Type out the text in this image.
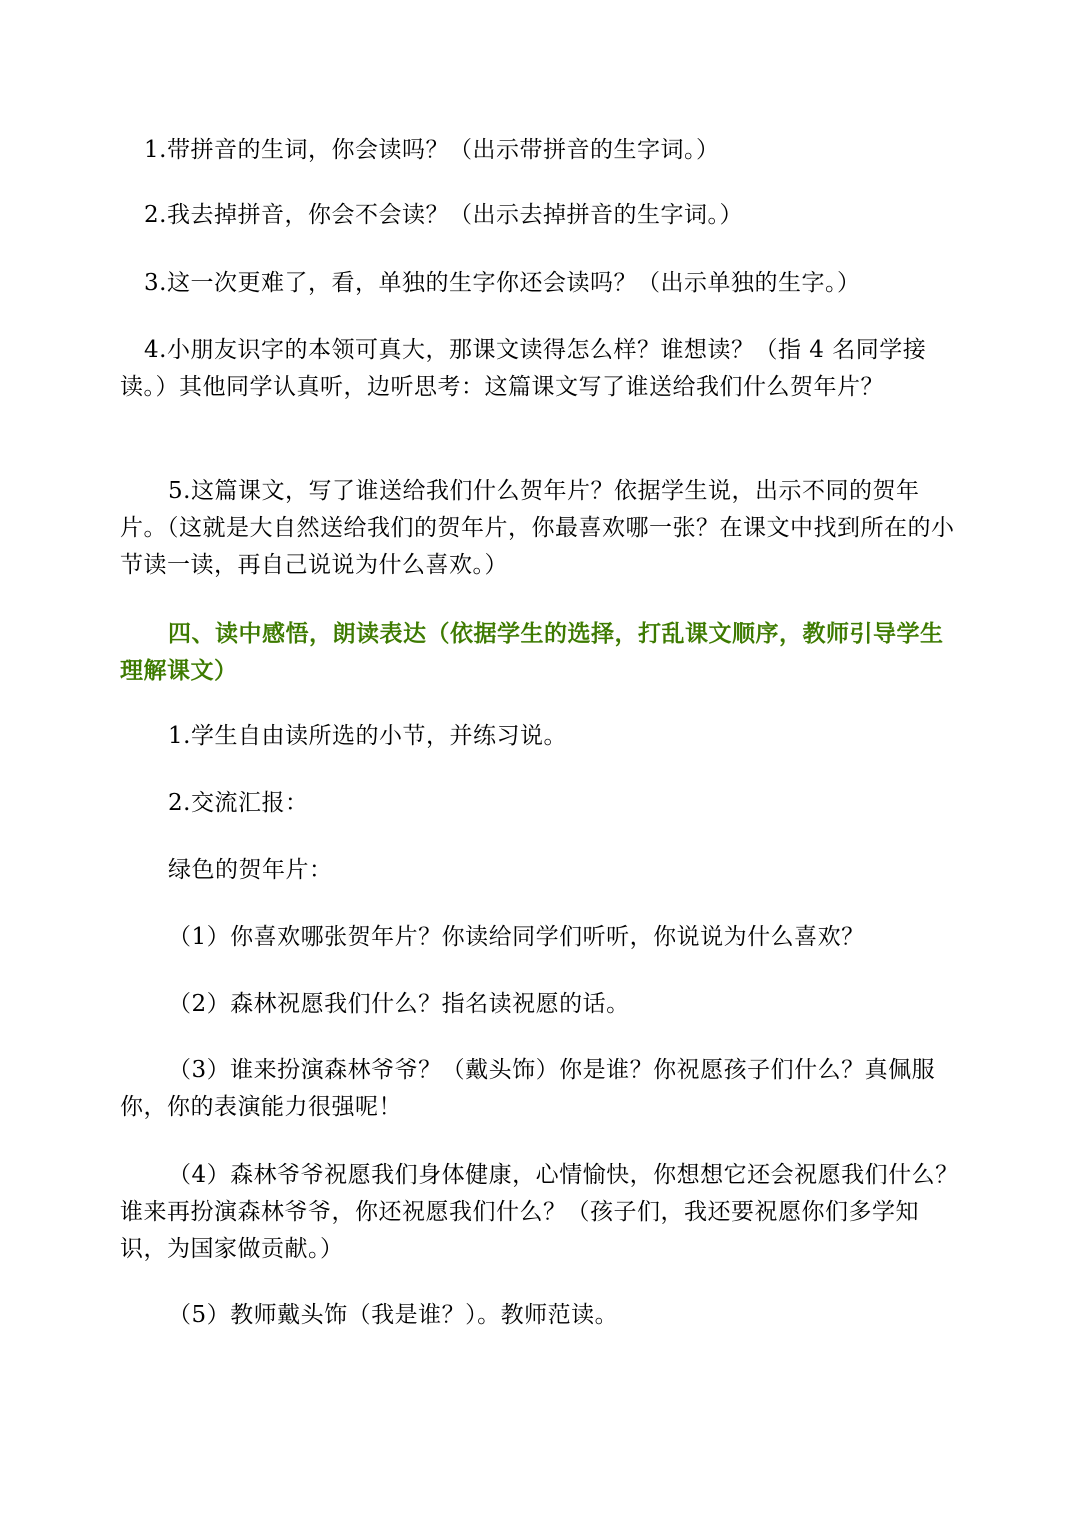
1.带拼音的生词，你会读吗？（出示带拼音的生字词。）

2.我去掉拼音，你会不会读？（出示去掉拼音的生字词。）

3.这一次更难了，看，单独的生字你还会读吗？（出示单独的生字。）

4.小朋友识字的本领可真大，那课文读得怎么样？谁想读？（指 4 名同学接读。）其他同学认真听，边听思考：这篇课文写了谁送给我们什么贺年片？

5.这篇课文，写了谁送给我们什么贺年片？依据学生说，出示不同的贺年片。（这就是大自然送给我们的贺年片，你最喜欢哪一张？在课文中找到所在的小节读一读，再自己说说为什么喜欢。）

四、读中感悟，朗读表达（依据学生的选择，打乱课文顺序，教师引导学生理解课文）

1.学生自由读所选的小节，并练习说。

2.交流汇报：

绿色的贺年片：

（1）你喜欢哪张贺年片？你读给同学们听听，你说说为什么喜欢？

（2）森林祝愿我们什么？指名读祝愿的话。

（3）谁来扮演森林爷爷？（戴头饰）你是谁？你祝愿孩子们什么？真佩服你，你的表演能力很强呢！

（4）森林爷爷祝愿我们身体健康，心情愉快，你想想它还会祝愿我们什么？谁来再扮演森林爷爷，你还祝愿我们什么？（孩子们，我还要祝愿你们多学知识，为国家做贡献。）

（5）教师戴头饰（我是谁？）。教师范读。
